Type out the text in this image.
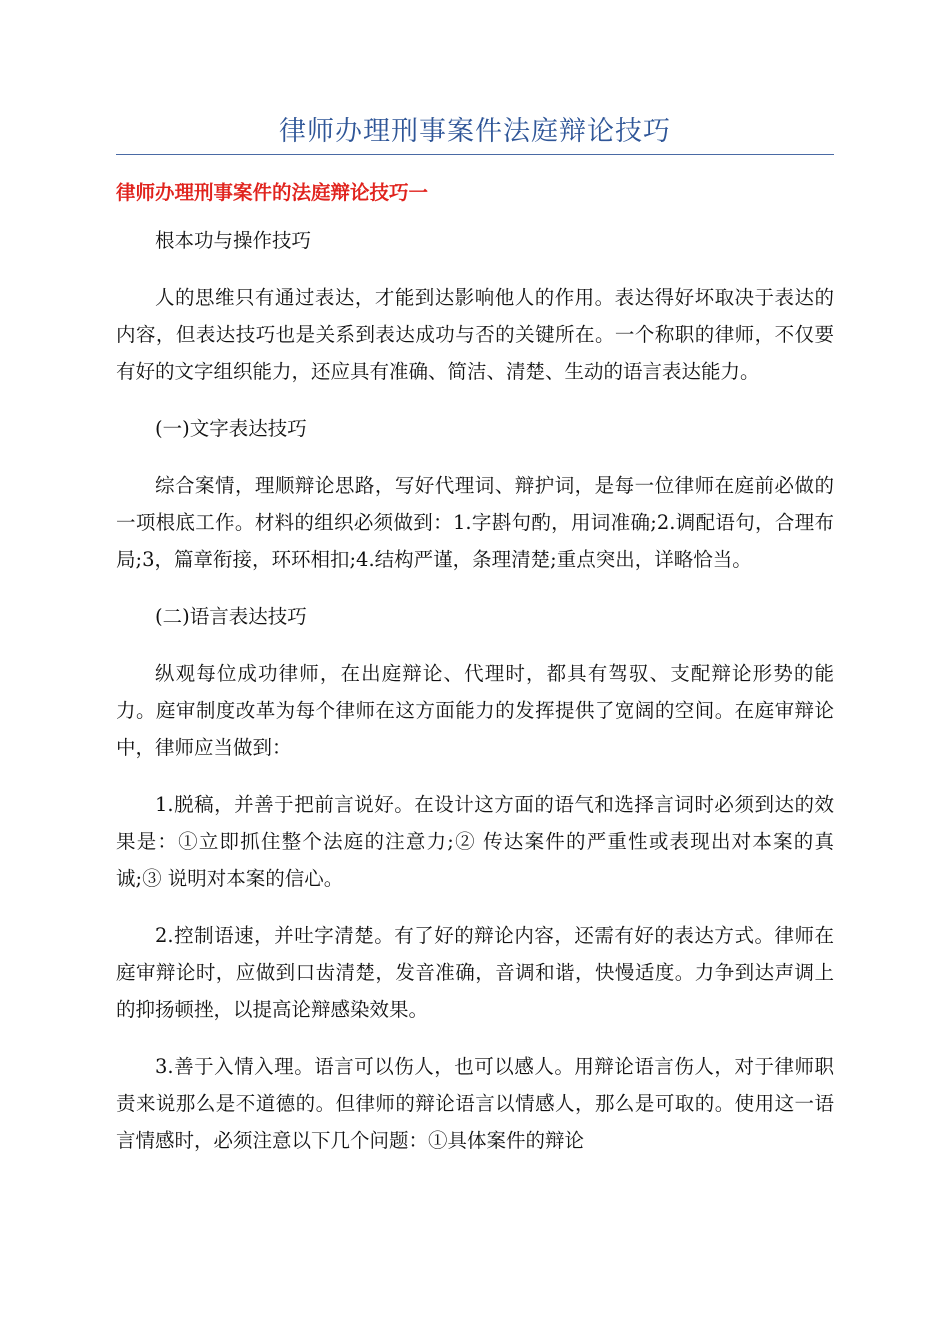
律师办理刑事案件法庭辩论技巧
律师办理刑事案件的法庭辩论技巧一

根本功与操作技巧

人的思维只有通过表达，才能到达影响他人的作用。表达得好坏取决于表达的内容，但表达技巧也是关系到表达成功与否的关键所在。一个称职的律师，不仅要有好的文字组织能力，还应具有准确、简洁、清楚、生动的语言表达能力。

(一)文字表达技巧

综合案情，理顺辩论思路，写好代理词、辩护词，是每一位律师在庭前必做的一项根底工作。材料的组织必须做到：1.字斟句酌，用词准确;2.调配语句，合理布局;3，篇章衔接，环环相扣;4.结构严谨，条理清楚;重点突出，详略恰当。

(二)语言表达技巧

纵观每位成功律师，在出庭辩论、代理时，都具有驾驭、支配辩论形势的能力。庭审制度改革为每个律师在这方面能力的发挥提供了宽阔的空间。在庭审辩论中，律师应当做到：

1.脱稿，并善于把前言说好。在设计这方面的语气和选择言词时必须到达的效果是：①立即抓住整个法庭的注意力;② 传达案件的严重性或表现出对本案的真诚;③ 说明对本案的信心。

2.控制语速，并吐字清楚。有了好的辩论内容，还需有好的表达方式。律师在庭审辩论时，应做到口齿清楚，发音准确，音调和谐，快慢适度。力争到达声调上的抑扬顿挫，以提高论辩感染效果。

3.善于入情入理。语言可以伤人，也可以感人。用辩论语言伤人，对于律师职责来说那么是不道德的。但律师的辩论语言以情感人，那么是可取的。使用这一语言情感时，必须注意以下几个问题：①具体案件的辩论
